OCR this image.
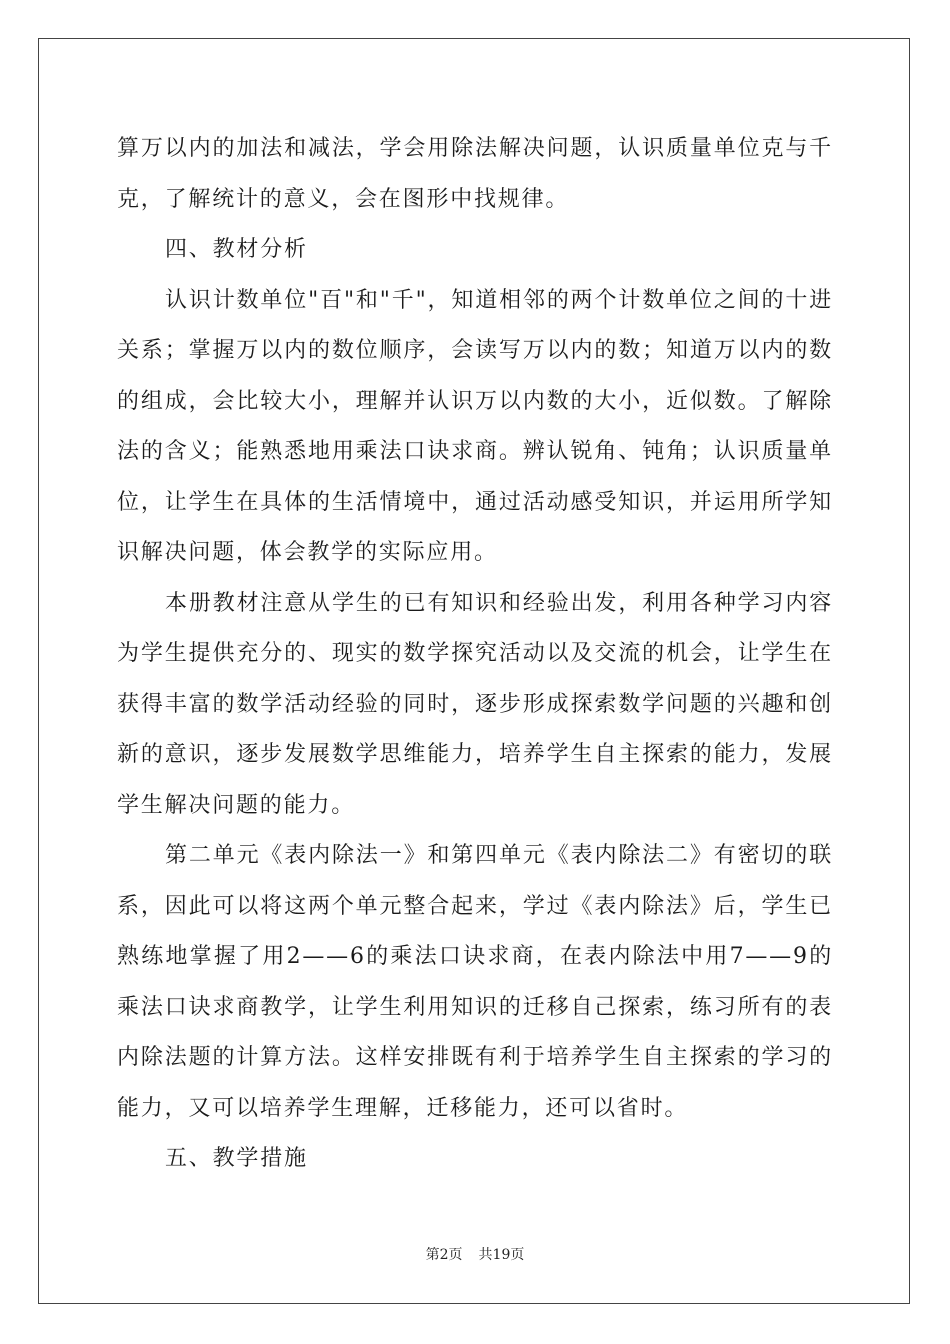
算万以内的加法和减法，学会用除法解决问题，认识质量单位克与千克，了解统计的意义，会在图形中找规律。

四、教材分析

认识计数单位"百"和"千"，知道相邻的两个计数单位之间的十进关系；掌握万以内的数位顺序，会读写万以内的数；知道万以内的数的组成，会比较大小，理解并认识万以内数的大小，近似数。了解除法的含义；能熟悉地用乘法口诀求商。辨认锐角、钝角；认识质量单位，让学生在具体的生活情境中，通过活动感受知识，并运用所学知识解决问题，体会教学的实际应用。

本册教材注意从学生的已有知识和经验出发，利用各种学习内容为学生提供充分的、现实的数学探究活动以及交流的机会，让学生在获得丰富的数学活动经验的同时，逐步形成探索数学问题的兴趣和创新的意识，逐步发展数学思维能力，培养学生自主探索的能力，发展学生解决问题的能力。

第二单元《表内除法一》和第四单元《表内除法二》有密切的联系，因此可以将这两个单元整合起来，学过《表内除法》后，学生已熟练地掌握了用2——6的乘法口诀求商，在表内除法中用7——9的乘法口诀求商教学，让学生利用知识的迁移自己探索，练习所有的表内除法题的计算方法。这样安排既有利于培养学生自主探索的学习的能力，又可以培养学生理解，迁移能力，还可以省时。

五、教学措施

第2页 共19页
